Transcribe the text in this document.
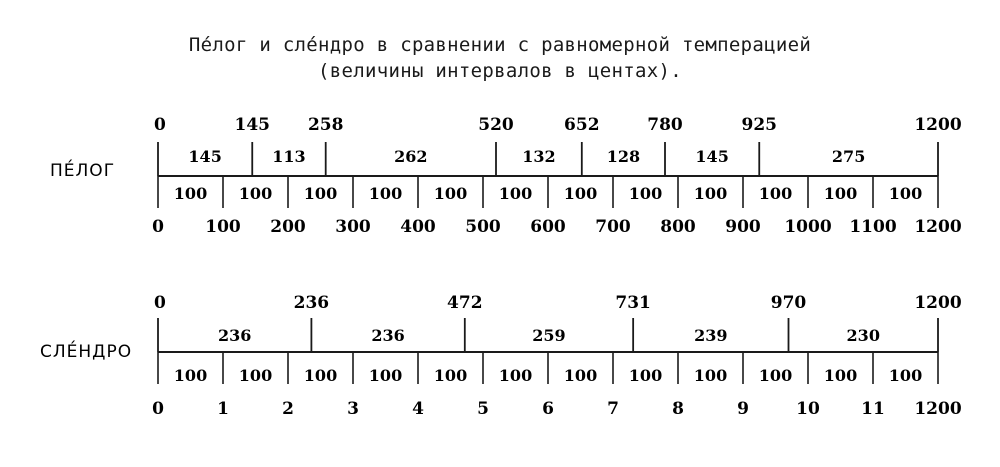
Пе́лог и сле́ндро в сравнении с равномерной темперацией
(величины интервалов в центах).
ПЕ́ЛОГ
0	145 258	520	652	780	925	1200
145	113	262	132	128	145	275
0 100 200 300 400 500 600 700 800 900 1000 1100 1200
100 100 100 100 100 100 100 100 100 100 100 100
СЛЕ́НДРО
0	236	472	731	970	1200
236	236	259	239	230
0	1	2	3	4	5	6	7	8	9	10 11 1200
100 100 100 100 100 100 100 100 100 100 100 100
